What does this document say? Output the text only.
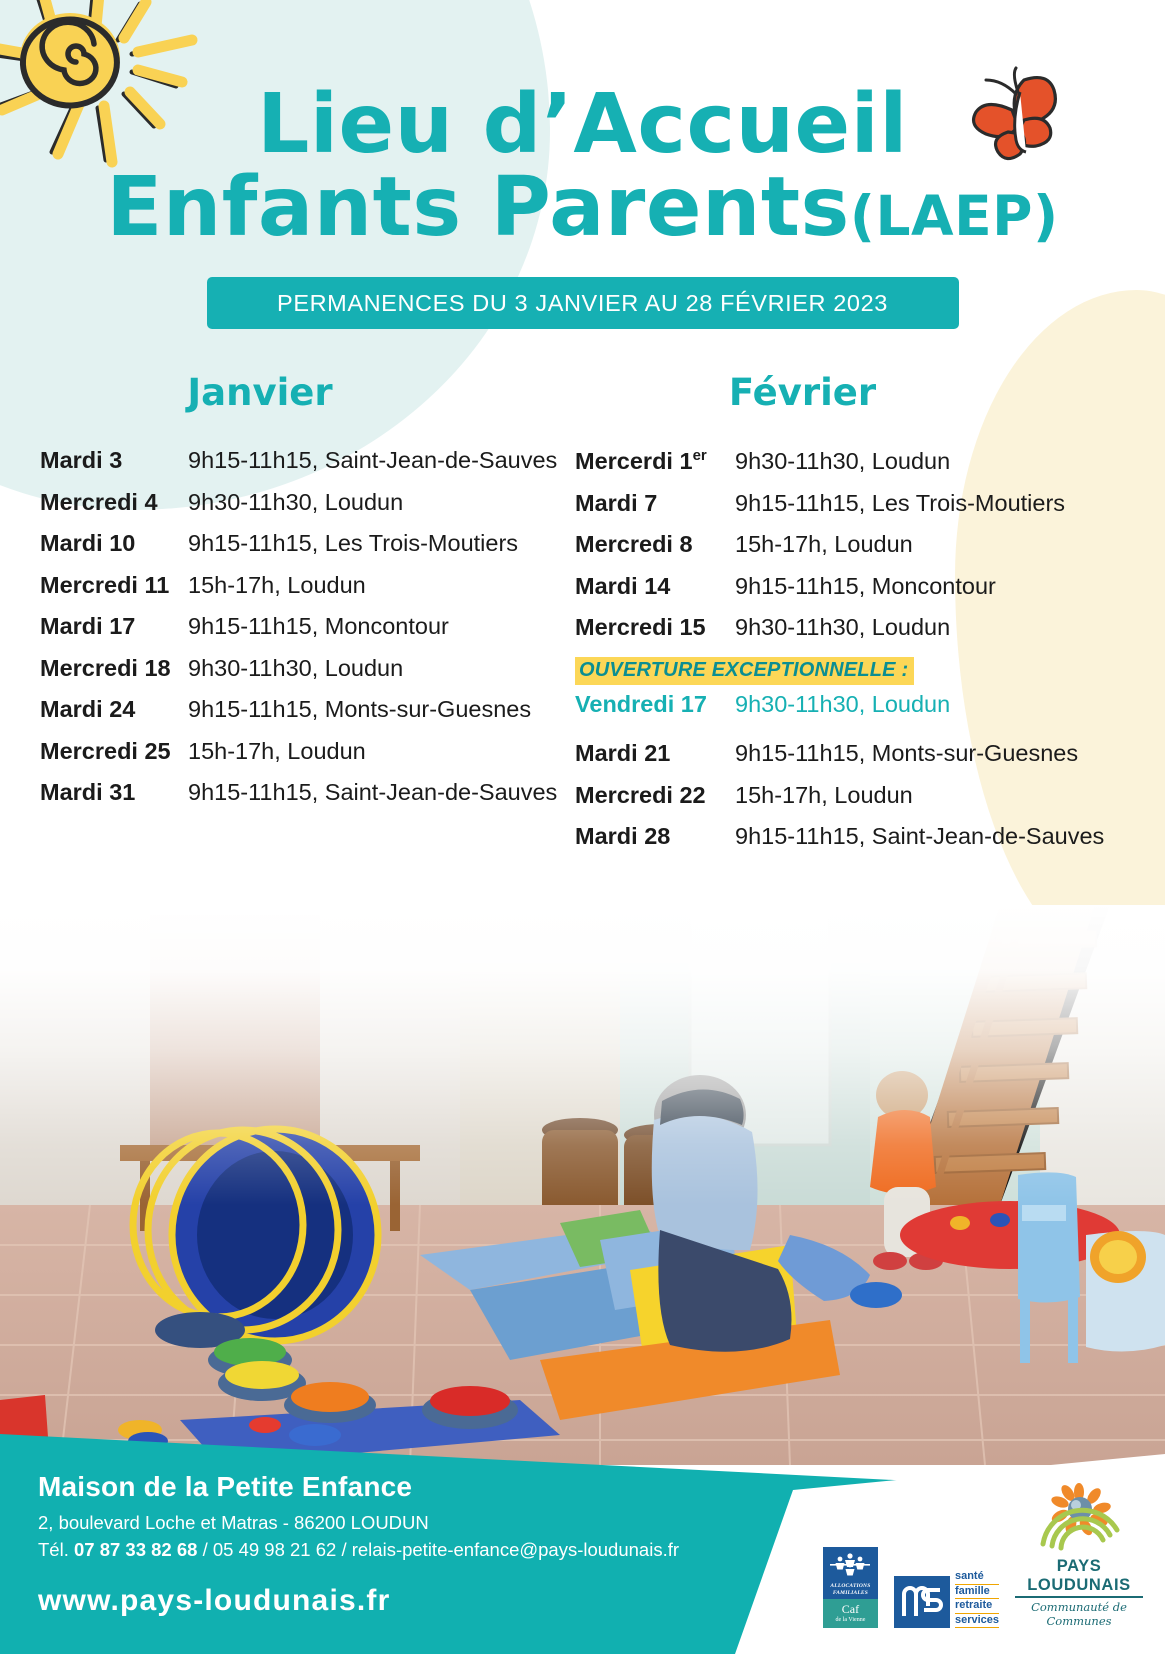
Lieu d’Accueil
Enfants Parents(LAEP)
PERMANENCES DU 3 JANVIER AU 28 FÉVRIER 2023
Janvier
Mardi 3	9h15-11h15, Saint-Jean-de-Sauves
Mercredi 4	9h30-11h30, Loudun
Mardi 10	9h15-11h15, Les Trois-Moutiers
Mercredi 11 15h-17h, Loudun
Mardi 17	9h15-11h15, Moncontour
Mercredi 18 9h30-11h30, Loudun
Mardi 24	9h15-11h15, Monts-sur-Guesnes
Mercredi 25 15h-17h, Loudun
Mardi 31	9h15-11h15, Saint-Jean-de-Sauves
Février
Mercerdi 1er	9h30-11h30, Loudun
Mardi 7	9h15-11h15, Les Trois-Moutiers
Mercredi 8	15h-17h, Loudun
Mardi 14	9h15-11h15, Moncontour
Mercredi 15	9h30-11h30, Loudun
OUVERTURE EXCEPTIONNELLE :
Vendredi 17	9h30-11h30, Loudun
Mardi 21	9h15-11h15, Monts-sur-Guesnes
Mercredi 22	15h-17h, Loudun
Mardi 28	9h15-11h15, Saint-Jean-de-Sauves
Maison de la Petite Enfance
2, boulevard Loche et Matras - 86200 LOUDUN
Tél. 07 87 33 82 68 / 05 49 98 21 62 / relais-petite-enfance@pays-loudunais.fr
www.pays-loudunais.fr	ALLOCATIONS
FAMILIALES
Caf
de la Vienne
santé
famille
retraite
services
PAYS LOUDUNAIS
Communauté de Communes
